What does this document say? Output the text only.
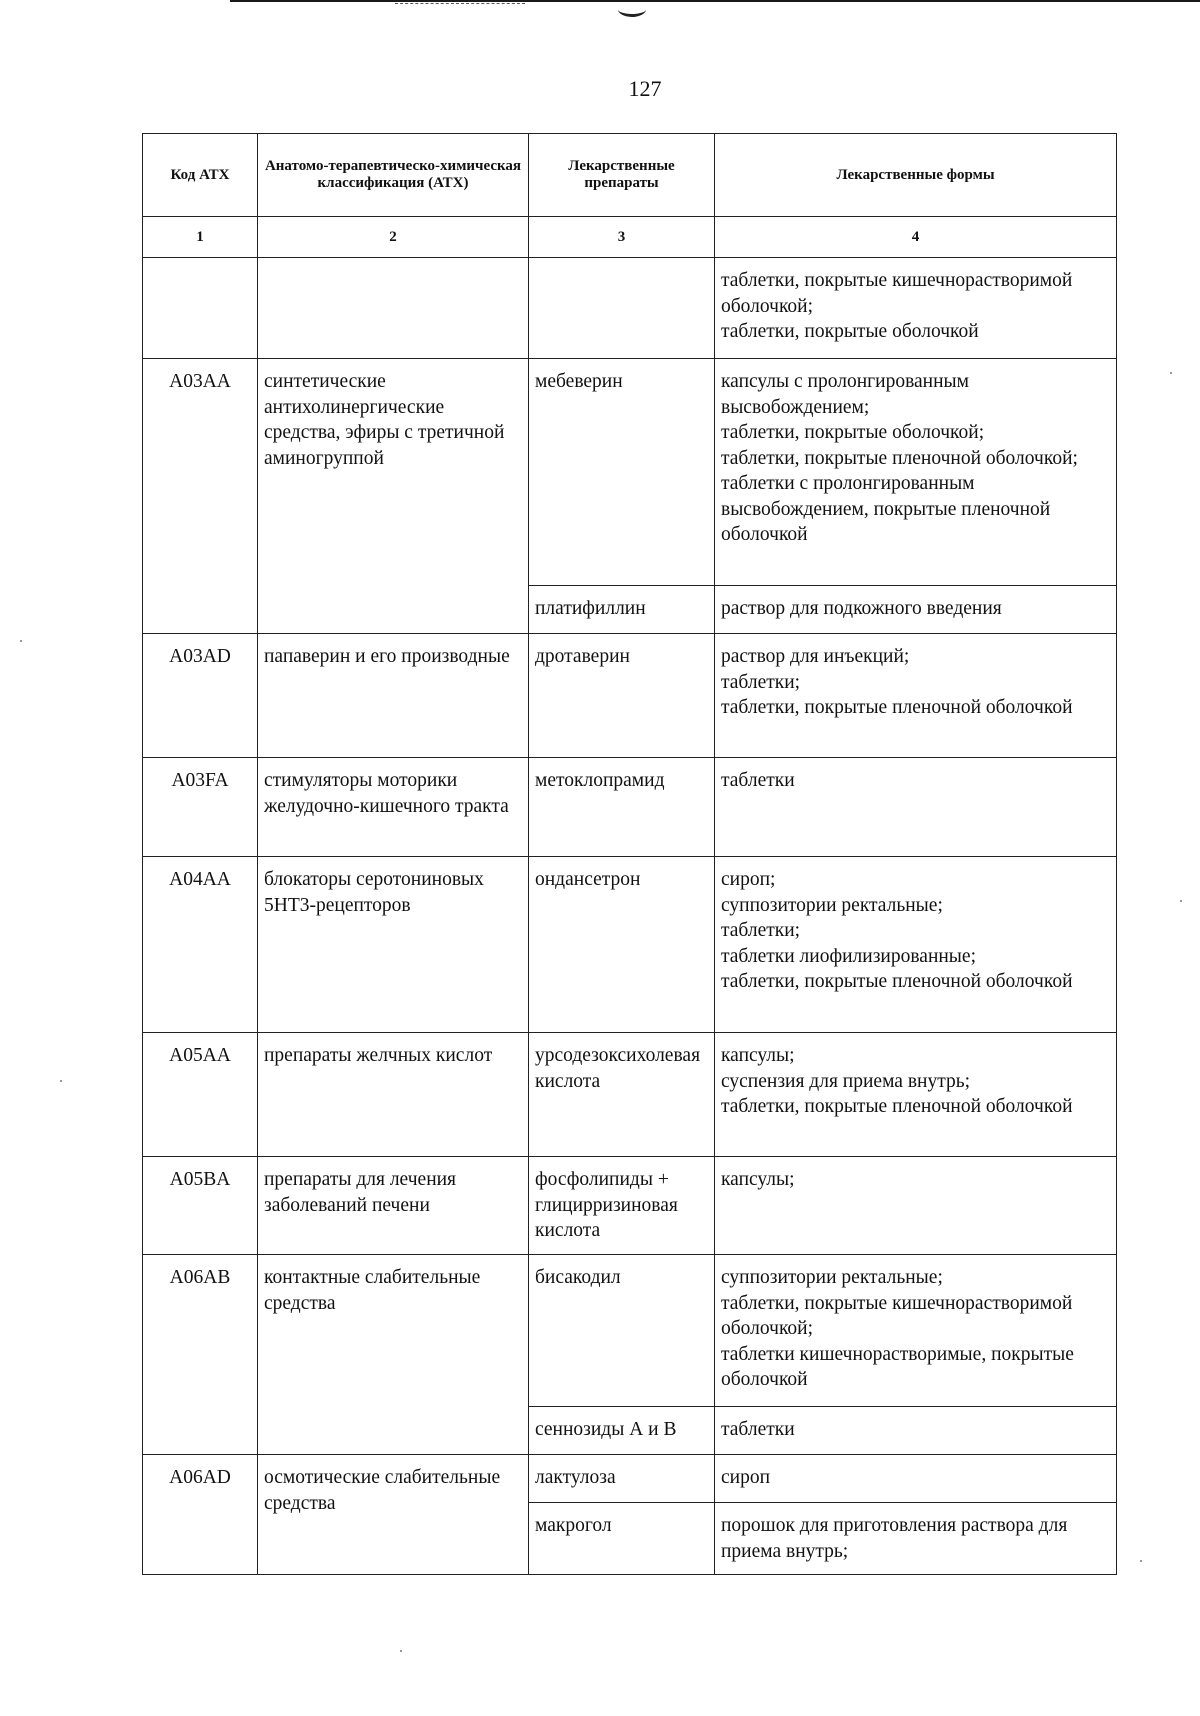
127
Код АТХ	Анатомо-терапевтическо-химическая классификация (АТХ)	Лекарственные препараты	Лекарственные формы
1	2	3	4

			таблетки, покрытые кишечнорастворимой оболочкой;
таблетки, покрытые оболочкой

A03AA	синтетические антихолинергические средства, эфиры с третичной аминогруппой	мебеверин	капсулы с пролонгированным высвобождением;
таблетки, покрытые оболочкой;
таблетки, покрытые пленочной оболочкой;
таблетки с пролонгированным высвобождением, покрытые пленочной оболочкой

		платифиллин	раствор для подкожного введения

A03AD	папаверин и его производные	дротаверин	раствор для инъекций;
таблетки;
таблетки, покрытые пленочной оболочкой

A03FA	стимуляторы моторики желудочно-кишечного тракта	метоклопрамид	таблетки

A04AA	блокаторы серотониновых 5HT3-рецепторов	ондансетрон	сироп;
суппозитории ректальные;
таблетки;
таблетки лиофилизированные;
таблетки, покрытые пленочной оболочкой

A05AA	препараты желчных кислот	урсодезоксихолевая кислота	капсулы;
суспензия для приема внутрь;
таблетки, покрытые пленочной оболочкой

A05BA	препараты для лечения заболеваний печени	фосфолипиды + глицирризиновая кислота	капсулы;

A06AB	контактные слабительные средства	бисакодил	суппозитории ректальные;
таблетки, покрытые кишечнорастворимой оболочкой;
таблетки кишечнорастворимые, покрытые оболочкой

		сеннозиды А и В	таблетки

A06AD	осмотические слабительные средства	лактулоза	сироп

		макрогол	порошок для приготовления раствора для приема внутрь;
